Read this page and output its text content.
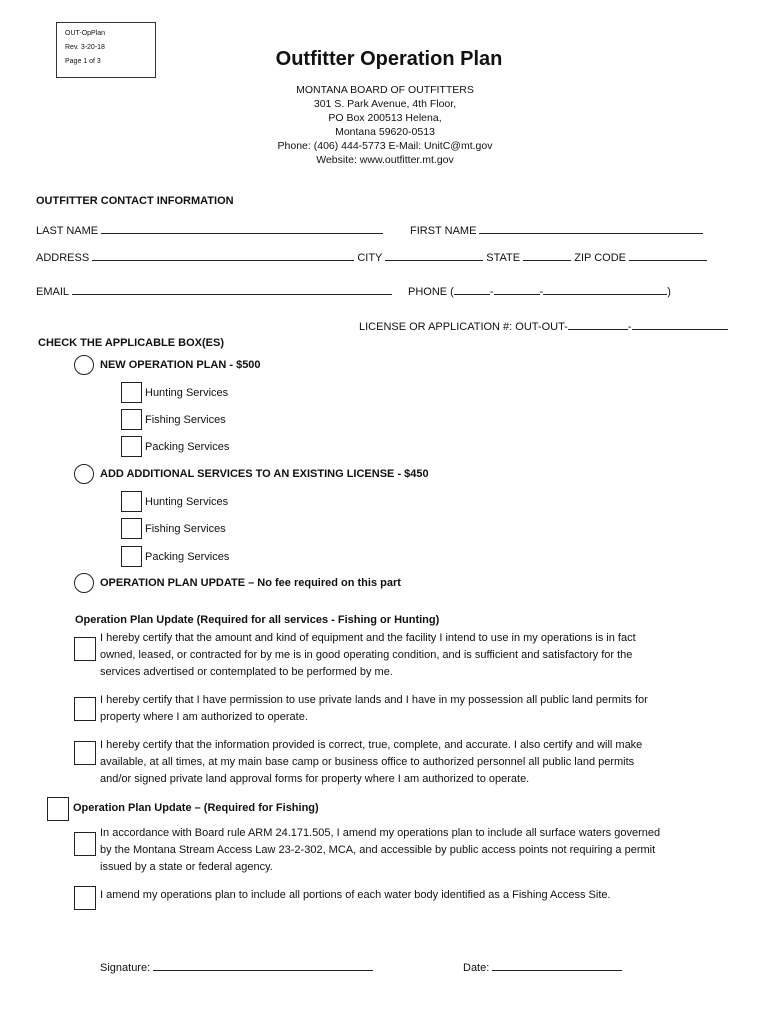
OUT-OpPlan
Rev. 3-20-18
Page 1 of 3	Outfitter Operation Plan
MONTANA BOARD OF OUTFITTERS
301 S. Park Avenue, 4th Floor,
PO Box 200513 Helena,
Montana 59620-0513
Phone: (406) 444-5773 E-Mail: UnitC@mt.gov
Website: www.outfitter.mt.gov
OUTFITTER CONTACT INFORMATION
LAST NAME	FIRST NAME
ADDRESS	CITY	STATE	ZIP CODE
EMAIL	PHONE (	-	-	)
LICENSE OR APPLICATION #: OUT-OUT-	-
CHECK THE APPLICABLE BOX(ES)
NEW OPERATION PLAN - $500
Hunting Services
Fishing Services
Packing Services
ADD ADDITIONAL SERVICES TO AN EXISTING LICENSE - $450
Hunting Services
Fishing Services
Packing Services
OPERATION PLAN UPDATE – No fee required on this part
Operation Plan Update (Required for all services - Fishing or Hunting)
I hereby certify that the amount and kind of equipment and the facility I intend to use in my operations is in fact
owned, leased, or contracted for by me is in good operating condition, and is sufficient and satisfactory for the
services advertised or contemplated to be performed by me.
I hereby certify that I have permission to use private lands and I have in my possession all public land permits for
property where I am authorized to operate.
I hereby certify that the information provided is correct, true, complete, and accurate. I also certify and will make
available, at all times, at my main base camp or business office to authorized personnel all public land permits
and/or signed private land approval forms for property where I am authorized to operate.
Operation Plan Update – (Required for Fishing)
In accordance with Board rule ARM 24.171.505, I amend my operations plan to include all surface waters governed
by the Montana Stream Access Law 23-2-302, MCA, and accessible by public access points not requiring a permit
issued by a state or federal agency.
I amend my operations plan to include all portions of each water body identified as a Fishing Access Site.
Signature:	Date:
